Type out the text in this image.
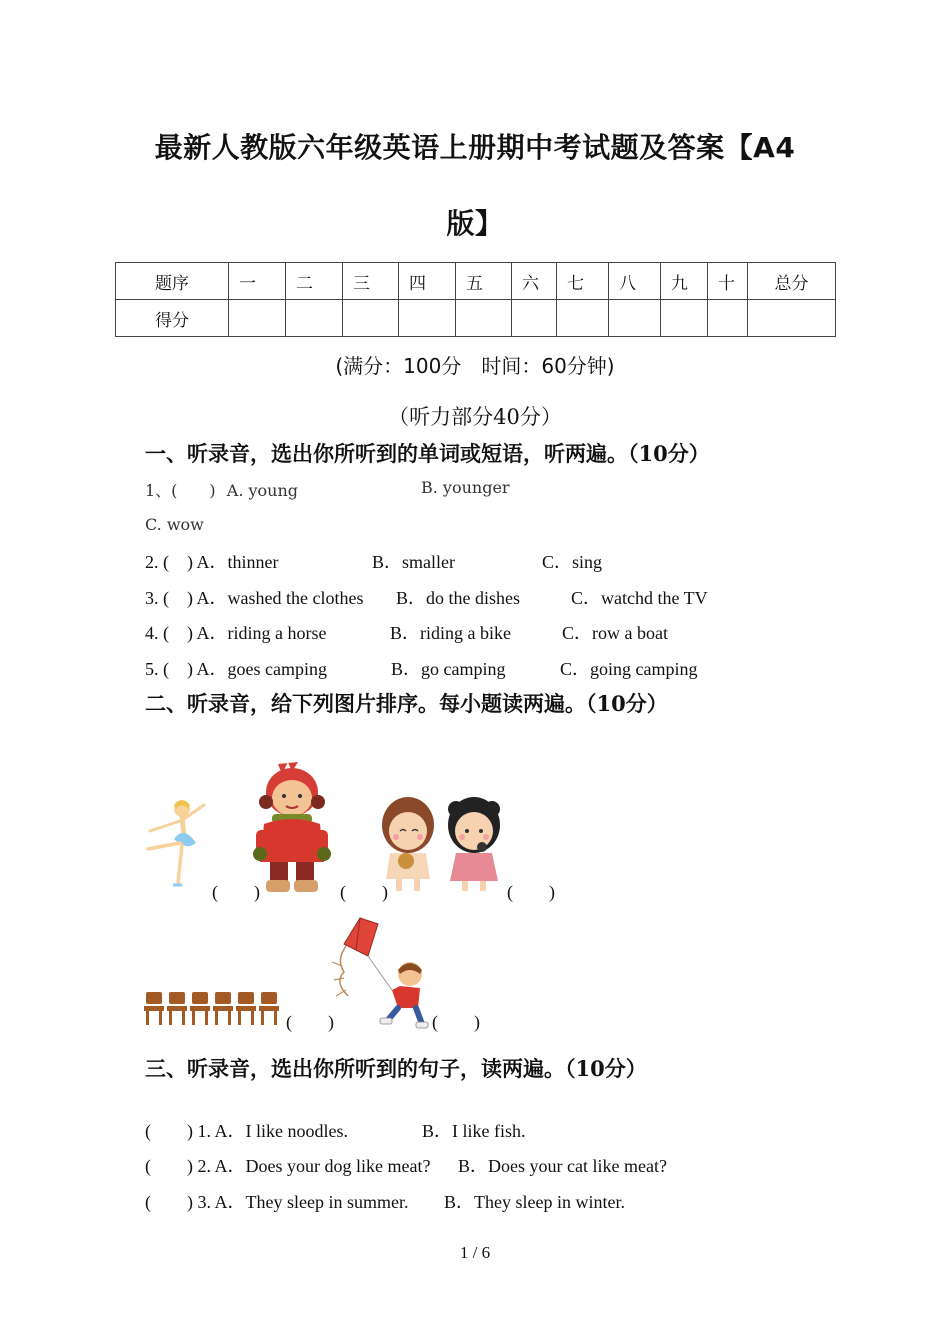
最新人教版六年级英语上册期中考试题及答案【A4
版】
题序	一	二	三	四	五	六	七	八	九	十	总分
得分											
(满分：100分　时间：60分钟)
（听力部分40分）
一、听录音，选出你所听到的单词或短语，听两遍。（10分）
1、(　　) A. young	B. younger
C. wow
2. (　) A．thinner	B．smaller	C．sing
3. (　) A．washed the clothes B．do the dishes	C．watchd the TV
4. (　) A．riding a horse	B．riding a bike	C．row a boat
5. (　) A．goes camping	B．go camping	C．going camping
二、听录音，给下列图片排序。每小题读两遍。（10分）
(　　)	(　　)	(　　)
(　　)	(　　)
三、听录音，选出你所听到的句子，读两遍。（10分）
(　　) 1. A．I like noodles.	B．I like fish.
(　　) 2. A．Does your dog like meat? B．Does your cat like meat?
(　　) 3. A．They sleep in summer. B．They sleep in winter.
1 / 6
